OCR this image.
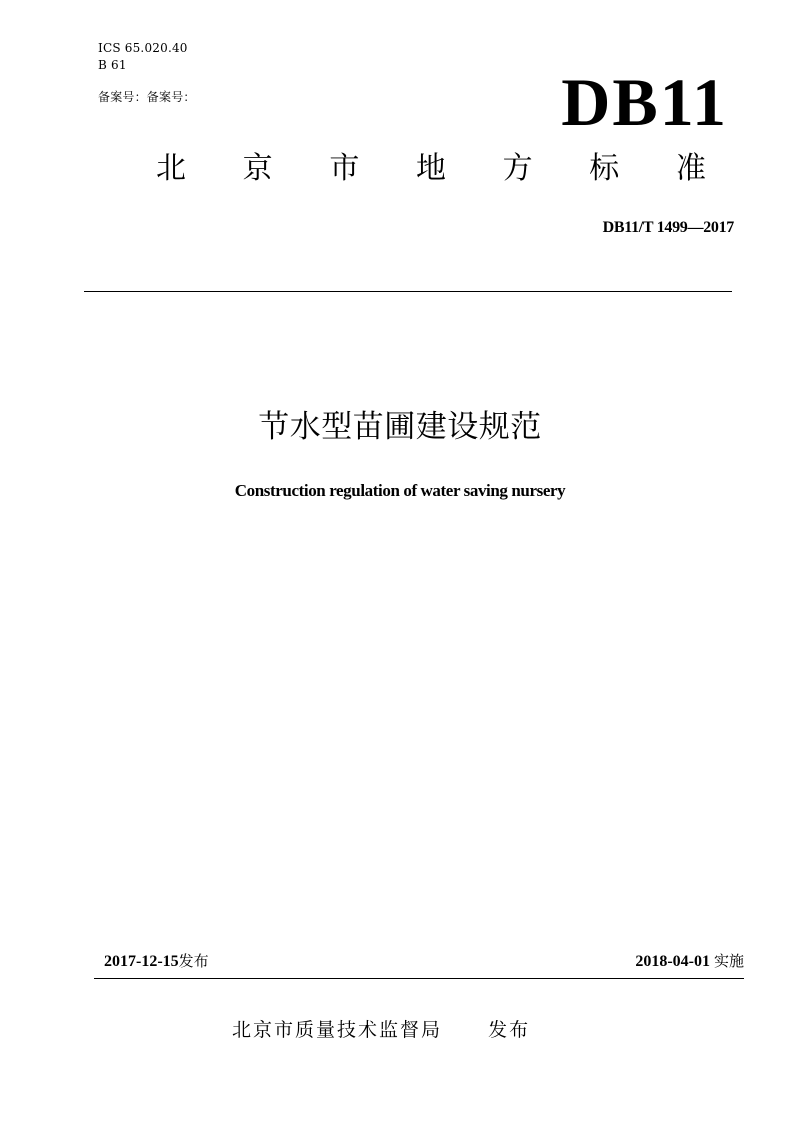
ICS 65.020.40
B 61
备案号：备案号：	DB11
北 京 市 地 方 标 准
DB11/T 1499—2017
节水型苗圃建设规范
Construction regulation of water saving nursery
2017-12-15发布	2018-04-01 实施
北京市质量技术监督局 发布
